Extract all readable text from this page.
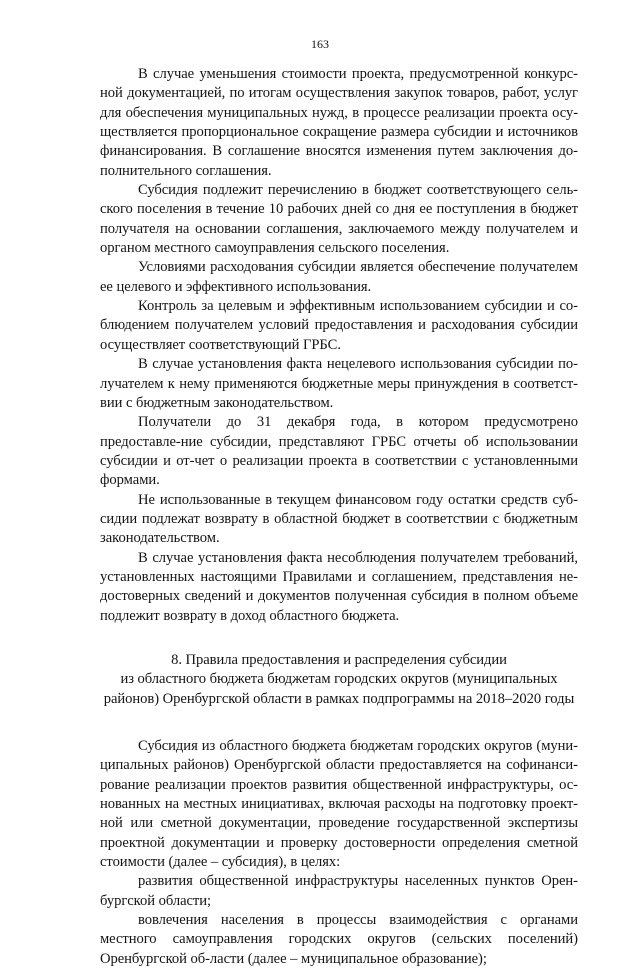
163

В случае уменьшения стоимости проекта, предусмотренной конкурс-ной документацией, по итогам осуществления закупок товаров, работ, услуг для обеспечения муниципальных нужд, в процессе реализации проекта осу-ществляется пропорциональное сокращение размера субсидии и источников финансирования. В соглашение вносятся изменения путем заключения до-полнительного соглашения.

Субсидия подлежит перечислению в бюджет соответствующего сель-ского поселения в течение 10 рабочих дней со дня ее поступления в бюджет получателя на основании соглашения, заключаемого между получателем и органом местного самоуправления сельского поселения.

Условиями расходования субсидии является обеспечение получателем ее целевого и эффективного использования.

Контроль за целевым и эффективным использованием субсидии и со-блюдением получателем условий предоставления и расходования субсидии осуществляет соответствующий ГРБС.

В случае установления факта нецелевого использования субсидии по-лучателем к нему применяются бюджетные меры принуждения в соответст-вии с бюджетным законодательством.

Получатели до 31 декабря года, в котором предусмотрено предоставле-ние субсидии, представляют ГРБС отчеты об использовании субсидии и от-чет о реализации проекта в соответствии с установленными формами.

Не использованные в текущем финансовом году остатки средств суб-сидии подлежат возврату в областной бюджет в соответствии с бюджетным законодательством.

В случае установления факта несоблюдения получателем требований, установленных настоящими Правилами и соглашением, представления не-достоверных сведений и документов полученная субсидия в полном объеме подлежит возврату в доход областного бюджета.

8. Правила предоставления и распределения субсидии
из областного бюджета бюджетам городских округов (муниципальных
районов) Оренбургской области в рамках подпрограммы на 2018–2020 годы

Субсидия из областного бюджета бюджетам городских округов (муни-ципальных районов) Оренбургской области предоставляется на софинанси-рование реализации проектов развития общественной инфраструктуры, ос-нованных на местных инициативах, включая расходы на подготовку проект-ной или сметной документации, проведение государственной экспертизы проектной документации и проверку достоверности определения сметной стоимости (далее – субсидия), в целях:

развития общественной инфраструктуры населенных пунктов Орен-бургской области;

вовлечения населения в процессы взаимодействия с органами местного самоуправления городских округов (сельских поселений) Оренбургской об-ласти (далее – муниципальное образование);
